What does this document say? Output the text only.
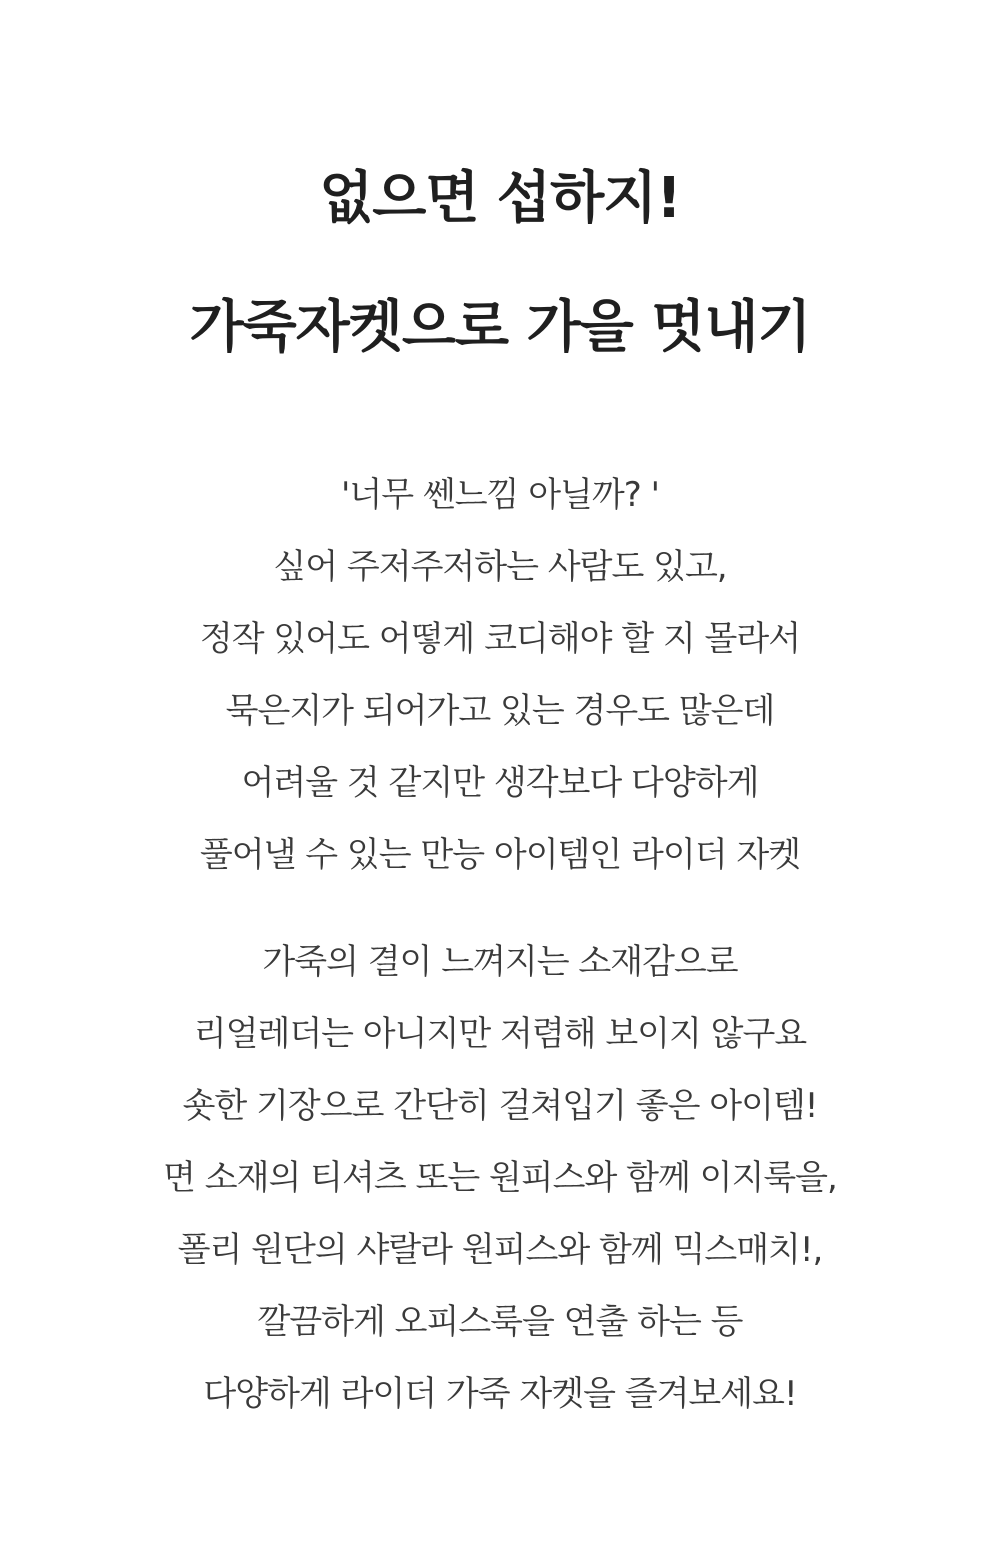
없으면 섭하지!
가죽자켓으로 가을 멋내기
'너무 쎈느낌 아닐까? '
싶어 주저주저하는 사람도 있고,
정작 있어도 어떻게 코디해야 할 지 몰라서
묵은지가 되어가고 있는 경우도 많은데
어려울 것 같지만 생각보다 다양하게
풀어낼 수 있는 만능 아이템인 라이더 자켓
가죽의 결이 느껴지는 소재감으로
리얼레더는 아니지만 저렴해 보이지 않구요
숏한 기장으로 간단히 걸쳐입기 좋은 아이템!
면 소재의 티셔츠 또는 원피스와 함께 이지룩을,
폴리 원단의 샤랄라 원피스와 함께 믹스매치!,
깔끔하게 오피스룩을 연출 하는 등
다양하게 라이더 가죽 자켓을 즐겨보세요!
